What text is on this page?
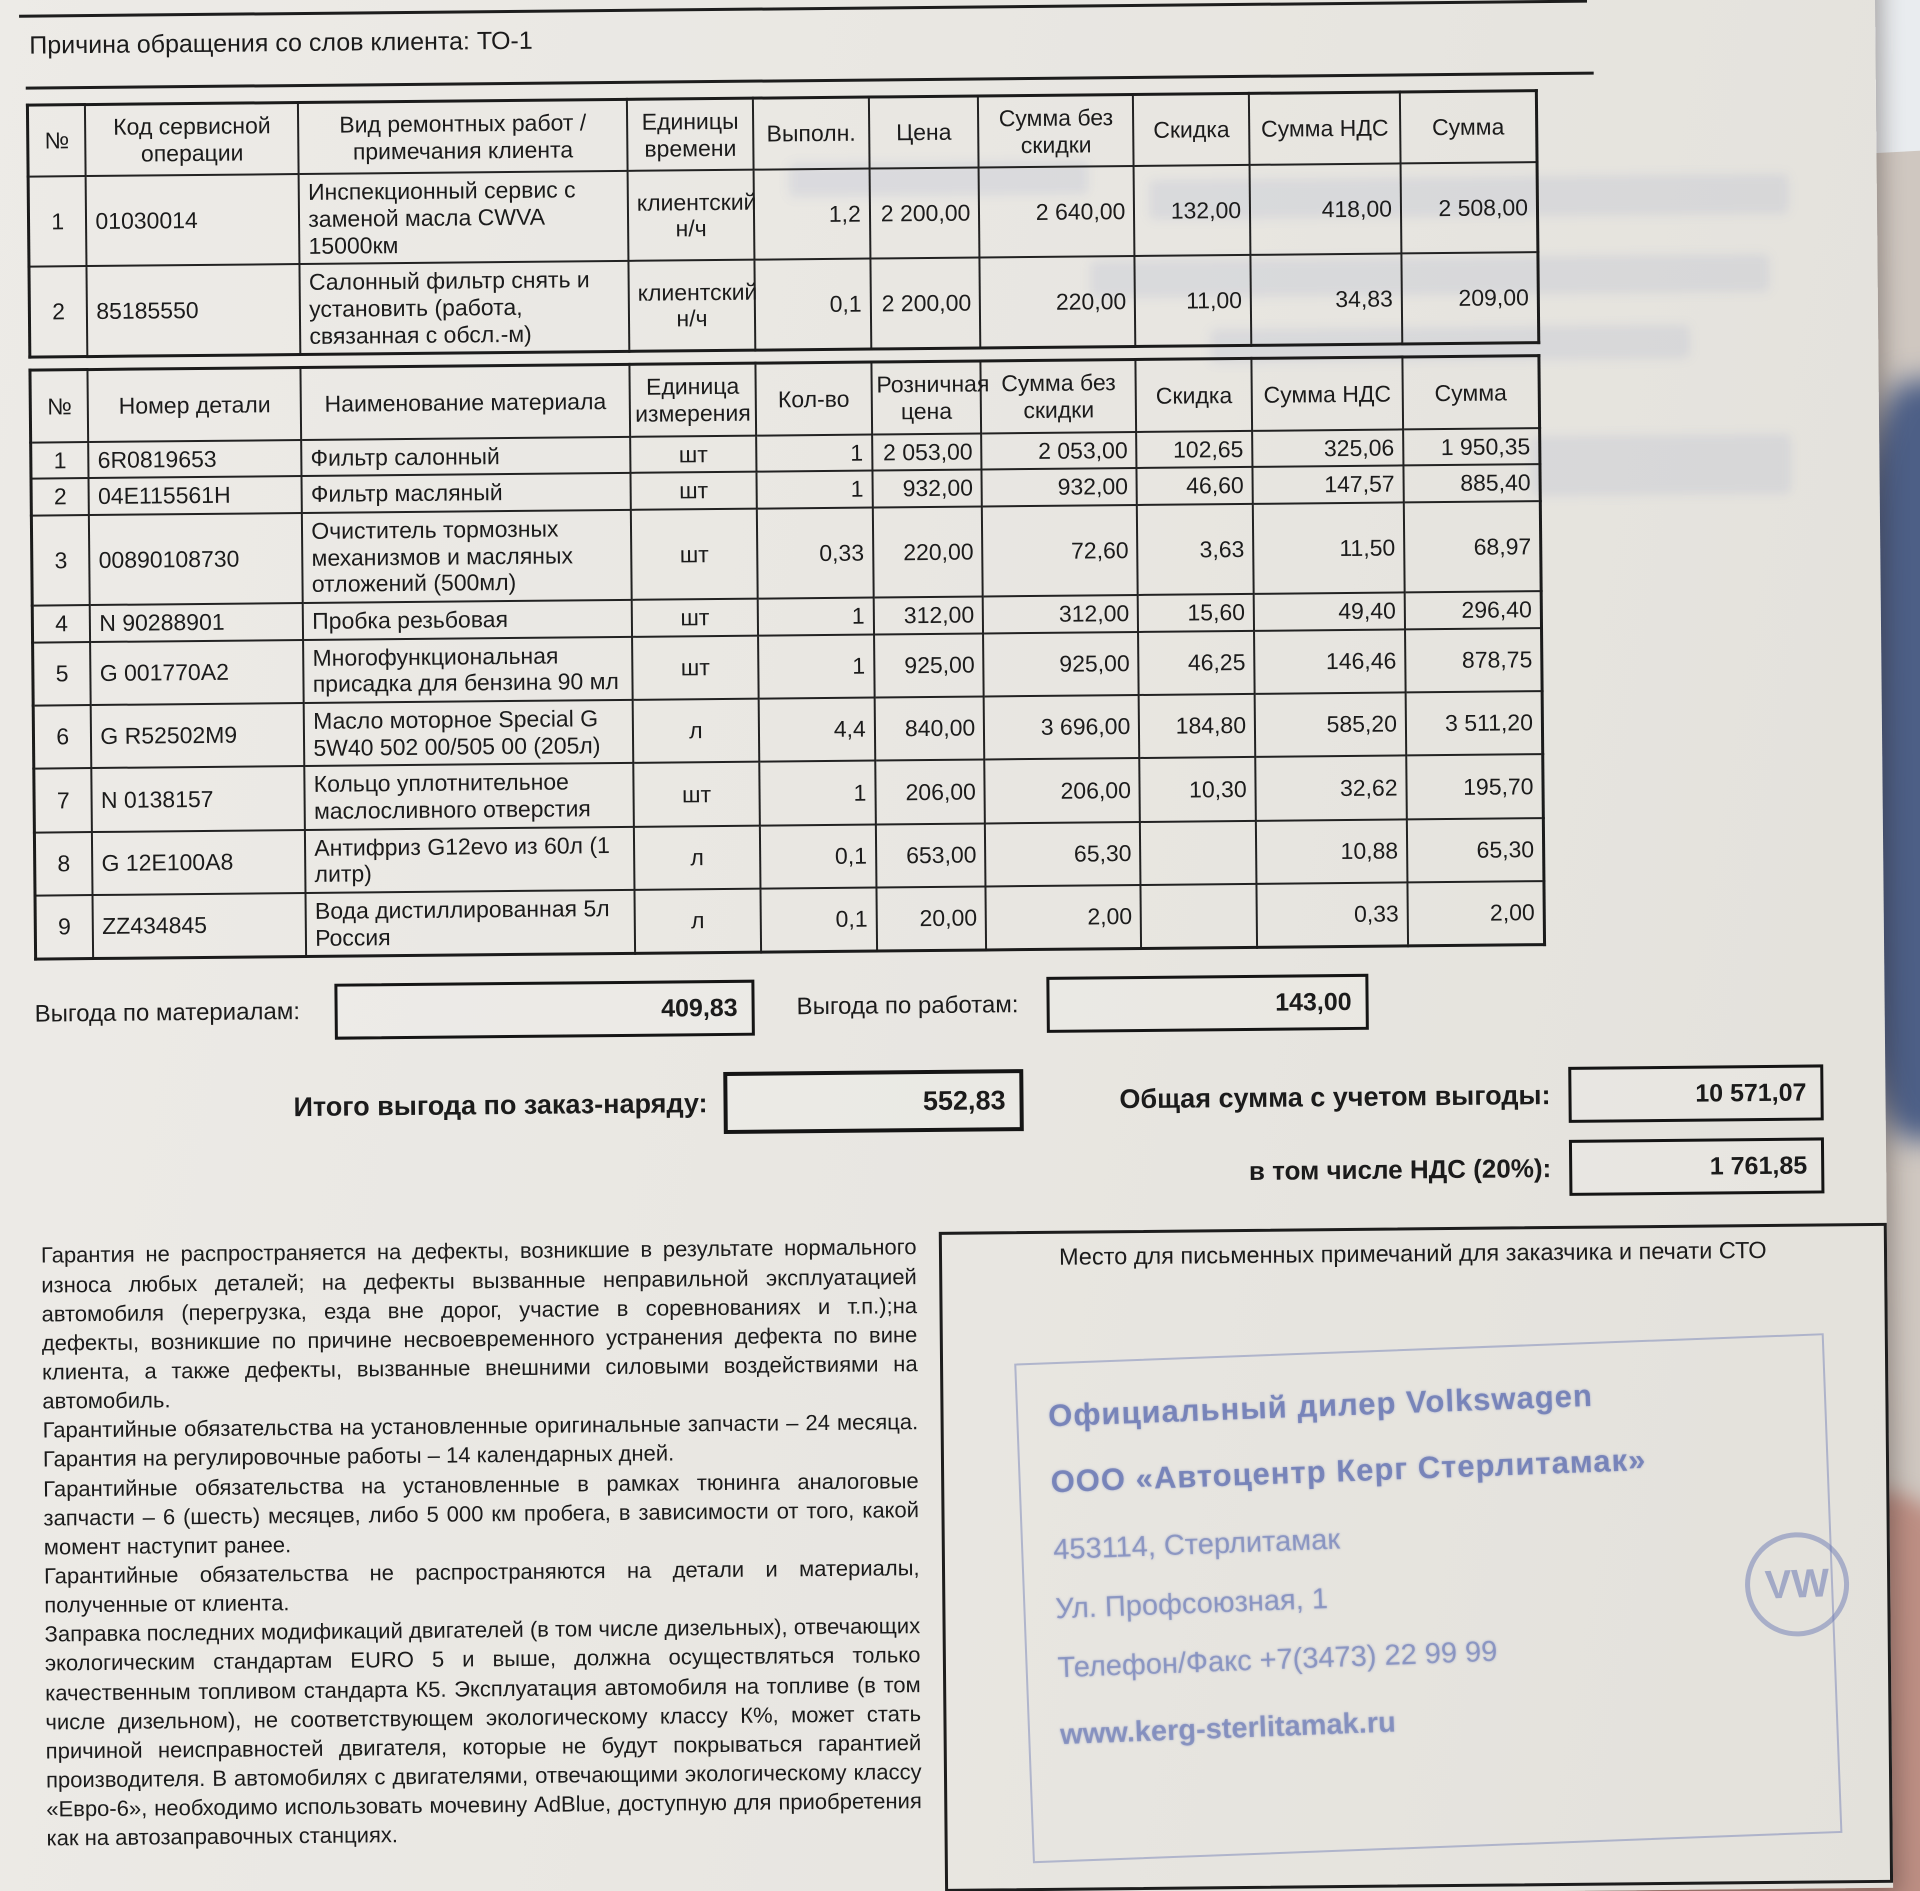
Причина обращения со слов клиента: ТО-1
№	Код сервисной операции	Вид ремонтных работ / примечания клиента	Единицы времени	Выполн.	Цена	Сумма без скидки	Скидка	Сумма НДС	Сумма
1	01030014	Инспекционный сервис с заменой масла CWVA 15000км	клиентский н/ч	1,2	2 200,00	2 640,00	132,00	418,00	2 508,00
2	85185550	Салонный фильтр снять и установить (работа, связанная с обсл.-м)	клиентский н/ч	0,1	2 200,00	220,00	11,00	34,83	209,00
№	Номер детали	Наименование материала	Единица измерения	Кол-во	Розничная цена	Сумма без скидки	Скидка	Сумма НДС	Сумма
1	6R0819653	Фильтр салонный	шт	1	2 053,00	2 053,00	102,65	325,06	1 950,35
2	04E115561H	Фильтр масляный	шт	1	932,00	932,00	46,60	147,57	885,40
3	00890108730	Очиститель тормозных механизмов и масляных отложений (500мл)	шт	0,33	220,00	72,60	3,63	11,50	68,97
4	N 90288901	Пробка резьбовая	шт	1	312,00	312,00	15,60	49,40	296,40
5	G 001770A2	Многофункциональная присадка для бензина 90 мл	шт	1	925,00	925,00	46,25	146,46	878,75
6	G R52502M9	Масло моторное Special G 5W40 502 00/505 00 (205л)	л	4,4	840,00	3 696,00	184,80	585,20	3 511,20
7	N 0138157	Кольцо уплотнительное маслосливного отверстия	шт	1	206,00	206,00	10,30	32,62	195,70
8	G 12E100A8	Антифриз G12evo из 60л (1 литр)	л	0,1	653,00	65,30		10,88	65,30
9	ZZ434845	Вода дистиллированная 5л Россия	л	0,1	20,00	2,00		0,33	2,00
Выгода по материалам:	409,83	Выгода по работам:	143,00
Итого выгода по заказ-наряду:	552,83	Общая сумма с учетом выгоды:	10 571,07
в том числе НДС (20%):	1 761,85

Гарантия не распространяется на дефекты, возникшие в результате нормального износа любых деталей; на дефекты вызванные неправильной эксплуатацией автомобиля (перегрузка, езда вне дорог, участие в соревнованиях и т.п.);на дефекты, возникшие по причине несвоевременного устранения дефекта по вине клиента, а также дефекты, вызванные внешними силовыми воздействиями на автомобиль.

Гарантийные обязательства на установленные оригинальные запчасти – 24 месяца. Гарантия на регулировочные работы – 14 календарных дней.

Гарантийные обязательства на установленные в рамках тюнинга аналоговые запчасти – 6 (шесть) месяцев, либо 5 000 км пробега, в зависимости от того, какой момент наступит ранее.

Гарантийные обязательства не распространяются на детали и материалы, полученные от клиента.

Заправка последних модификаций двигателей (в том числе дизельных), отвечающих экологическим стандартам EURO 5 и выше, должна осуществляться только качественным топливом стандарта К5. Эксплуатация автомобиля на топливе (в том числе дизельном), не соответствующем экологическому классу К%, может стать причиной неисправностей двигателя, которые не будут покрываться гарантией производителя. В автомобилях с двигателями, отвечающими экологическому классу «Евро-6», необходимо использовать мочевину AdBlue, доступную для приобретения как на автозаправочных станциях.

Место для письменных примечаний для заказчика и печати СТО
Официальный дилер Volkswagen
ООО «Автоцентр Керг Стерлитамак»
453114, Стерлитамак
Ул. Профсоюзная, 1
Телефон/Факс +7(3473) 22 99 99
www.kerg-sterlitamak.ru
VW
